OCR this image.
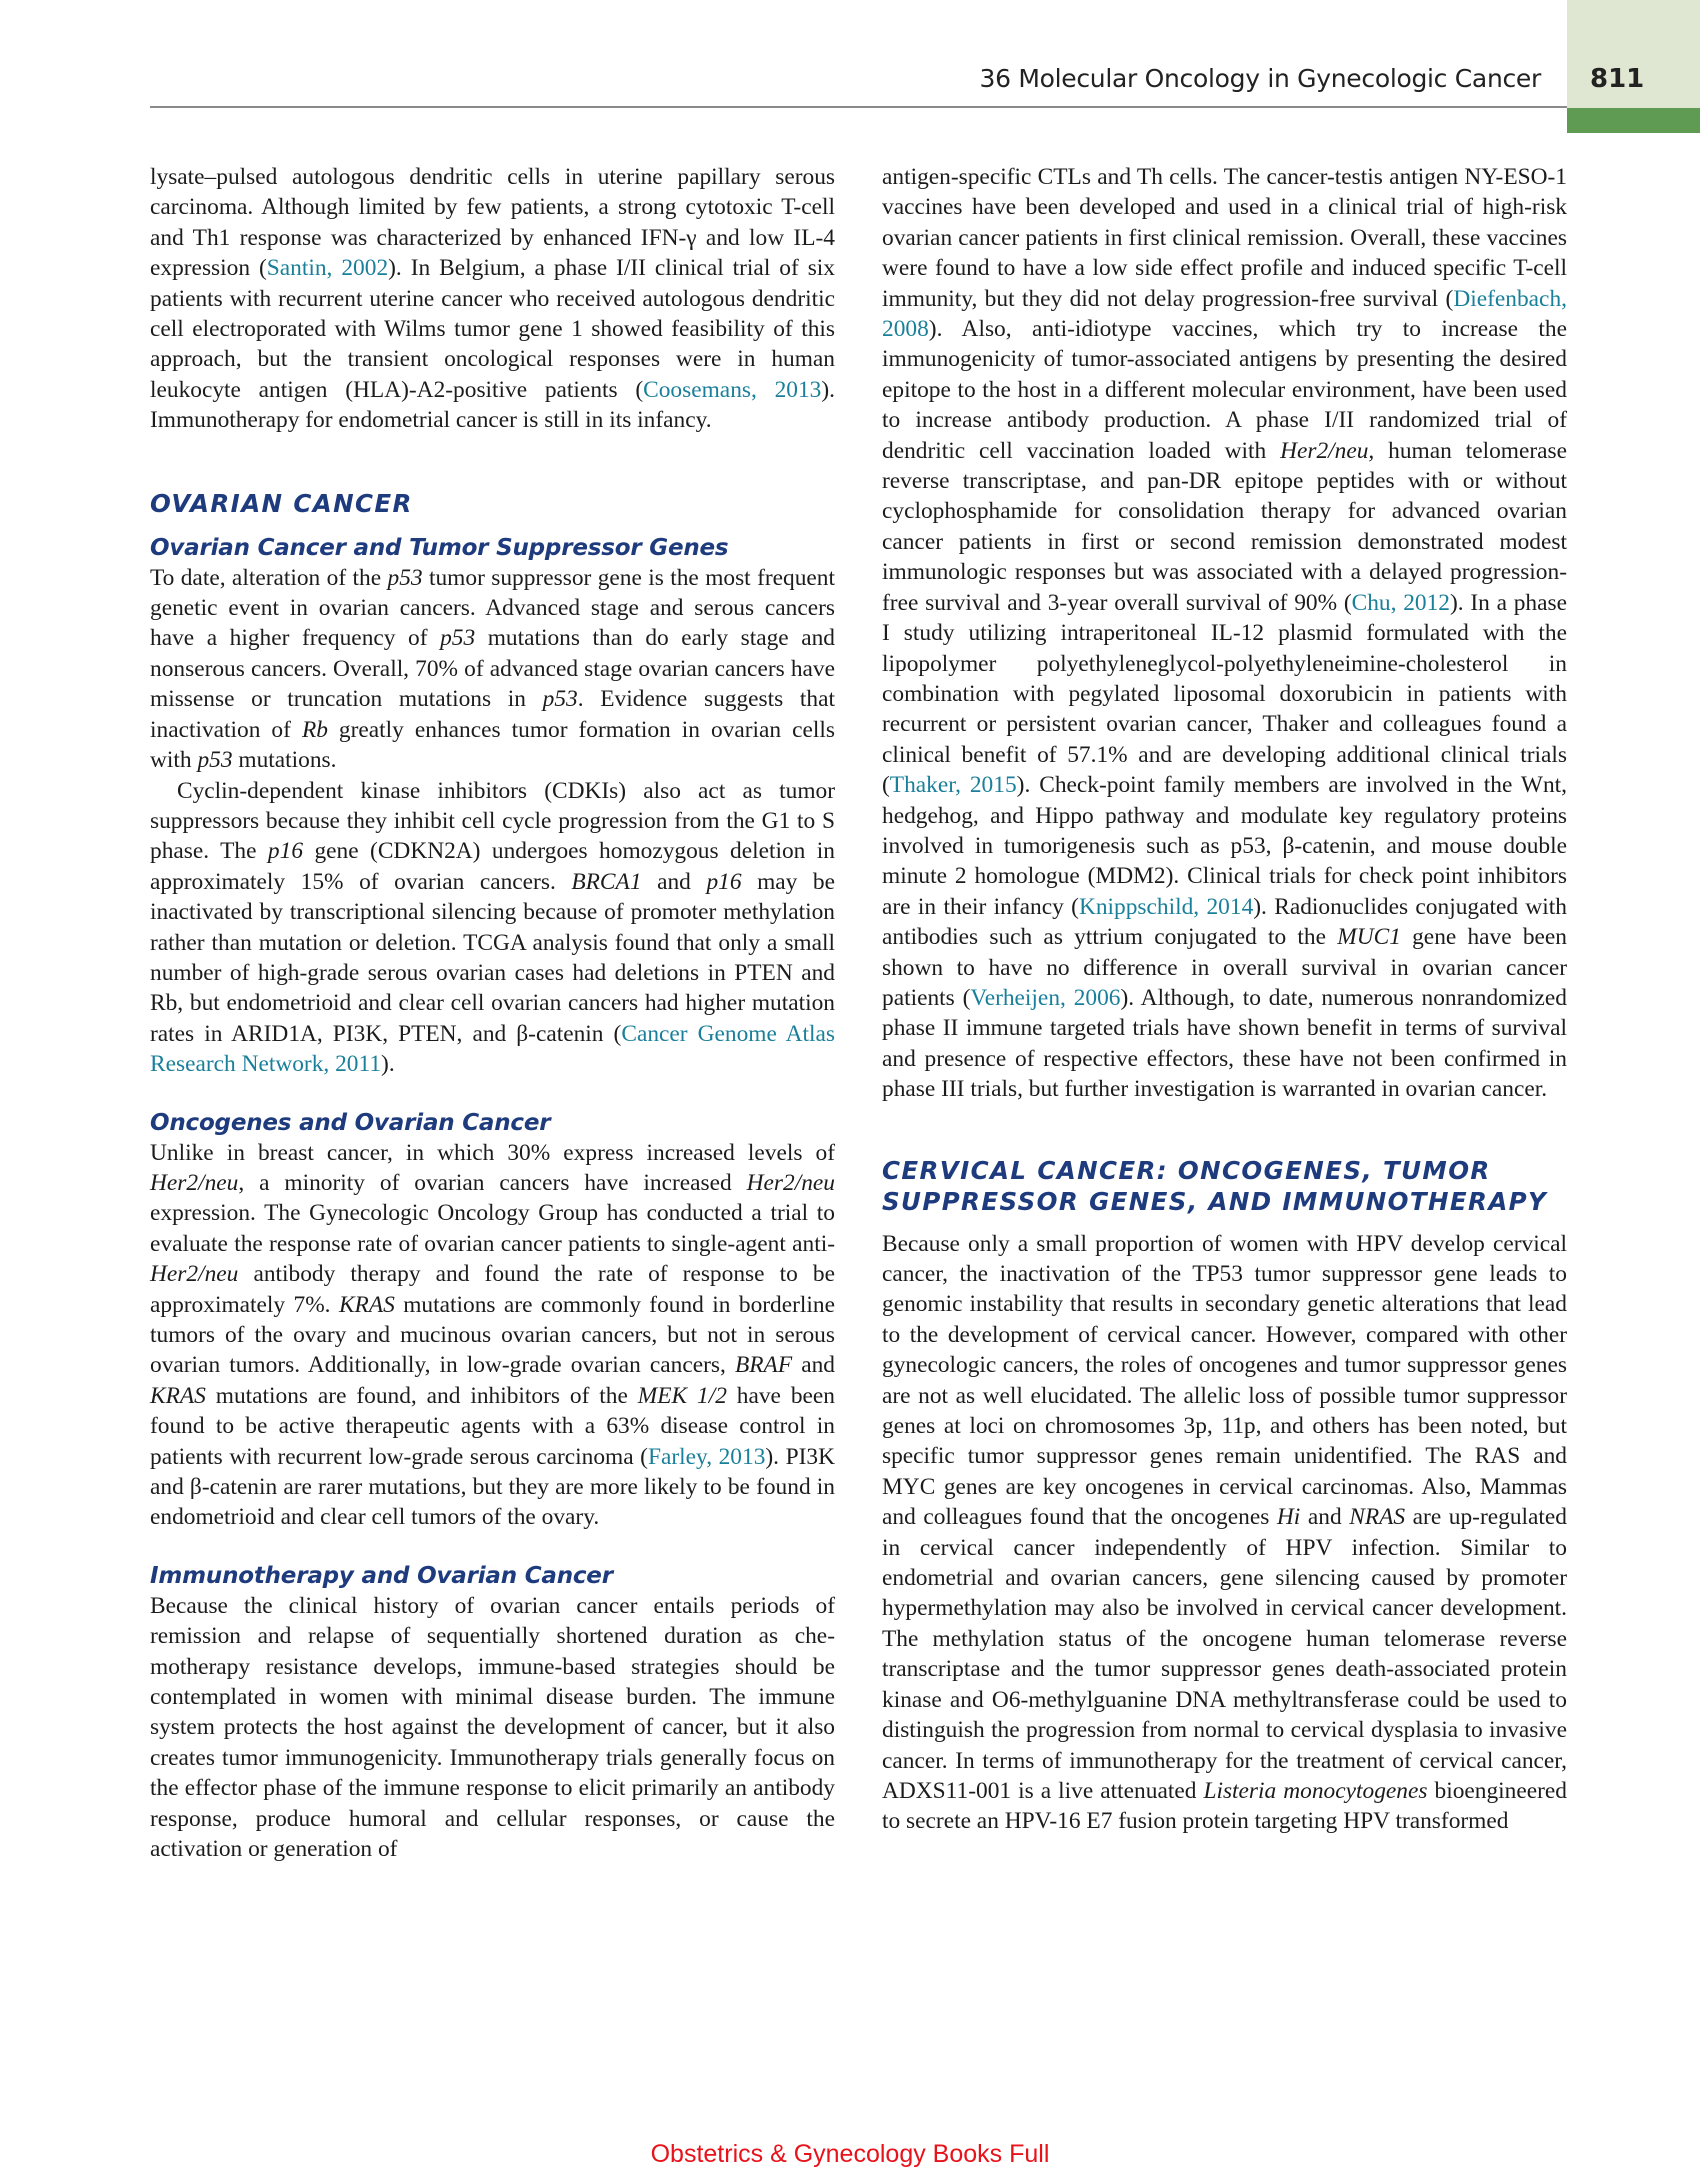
36 Molecular Oncology in Gynecologic Cancer 811

lysate–pulsed autologous dendritic cells in uterine papillary serous carcinoma. Although limited by few patients, a strong cytotoxic T-cell and Th1 response was characterized by enhanced IFN-γ and low IL-4 expression (Santin, 2002). In Belgium, a phase I/II clinical trial of six patients with recurrent uterine cancer who received autologous dendritic cell electroporated with Wilms tumor gene 1 showed feasibility of this approach, but the transient oncological responses were in human leukocyte antigen (HLA)-A2-positive patients (Coosemans, 2013). Immunotherapy for endometrial cancer is still in its infancy.

OVARIAN CANCER
Ovarian Cancer and Tumor Suppressor Genes

To date, alteration of the p53 tumor suppressor gene is the most frequent genetic event in ovarian cancers. Advanced stage and serous cancers have a higher frequency of p53 mutations than do early stage and nonserous cancers. Overall, 70% of advanced stage ovarian cancers have missense or truncation mutations in p53. Evidence suggests that inactivation of Rb greatly enhances tumor formation in ovarian cells with p53 mutations.

Cyclin-dependent kinase inhibitors (CDKIs) also act as tumor suppressors because they inhibit cell cycle progression from the G1 to S phase. The p16 gene (CDKN2A) undergoes homozygous deletion in approximately 15% of ovarian cancers. BRCA1 and p16 may be inactivated by transcriptional silencing because of promoter methylation rather than mutation or deletion. TCGA analysis found that only a small number of high-grade serous ovarian cases had deletions in PTEN and Rb, but endometrioid and clear cell ovarian cancers had higher mutation rates in ARID1A, PI3K, PTEN, and β-catenin (Cancer Genome Atlas Research Network, 2011).

Oncogenes and Ovarian Cancer

Unlike in breast cancer, in which 30% express increased levels of Her2/neu, a minority of ovarian cancers have increased Her2/neu expression. The Gynecologic Oncology Group has conducted a trial to evaluate the response rate of ovarian cancer patients to single-agent anti-Her2/neu antibody therapy and found the rate of response to be approximately 7%. KRAS mutations are commonly found in borderline tumors of the ovary and mucinous ovarian cancers, but not in serous ovarian tumors. Additionally, in low-grade ovarian cancers, BRAF and KRAS mutations are found, and inhibitors of the MEK 1/2 have been found to be active therapeutic agents with a 63% disease control in patients with recurrent low-grade serous carcinoma (Farley, 2013). PI3K and β-catenin are rarer mutations, but they are more likely to be found in endometrioid and clear cell tumors of the ovary.

Immunotherapy and Ovarian Cancer

Because the clinical history of ovarian cancer entails periods of remission and relapse of sequentially shortened duration as chemotherapy resistance develops, immune-based strategies should be contemplated in women with minimal disease burden. The immune system protects the host against the development of cancer, but it also creates tumor immunogenicity. Immunotherapy trials generally focus on the effector phase of the immune response to elicit primarily an antibody response, produce humoral and cellular responses, or cause the activation or generation of

antigen-specific CTLs and Th cells. The cancer-testis antigen NY-ESO-1 vaccines have been developed and used in a clinical trial of high-risk ovarian cancer patients in first clinical remission. Overall, these vaccines were found to have a low side effect profile and induced specific T-cell immunity, but they did not delay progression-free survival (Diefenbach, 2008). Also, anti-idiotype vaccines, which try to increase the immunogenicity of tumor-associated antigens by presenting the desired epitope to the host in a different molecular environment, have been used to increase antibody production. A phase I/II randomized trial of dendritic cell vaccination loaded with Her2/neu, human telomerase reverse transcriptase, and pan-DR epitope peptides with or without cyclophosphamide for consolidation therapy for advanced ovarian cancer patients in first or second remission demonstrated modest immunologic responses but was associated with a delayed progression-free survival and 3-year overall survival of 90% (Chu, 2012). In a phase I study utilizing intraperitoneal IL-12 plasmid formulated with the lipopolymer polyethyleneglycol-polyethyleneimine-cholesterol in combination with pegylated liposomal doxorubicin in patients with recurrent or persistent ovarian cancer, Thaker and colleagues found a clinical benefit of 57.1% and are developing additional clinical trials (Thaker, 2015). Check-point family members are involved in the Wnt, hedgehog, and Hippo pathway and modulate key regulatory proteins involved in tumorigenesis such as p53, β-catenin, and mouse double minute 2 homologue (MDM2). Clinical trials for check point inhibitors are in their infancy (Knippschild, 2014). Radionuclides conjugated with antibodies such as yttrium conjugated to the MUC1 gene have been shown to have no difference in overall survival in ovarian cancer patients (Verheijen, 2006). Although, to date, numerous nonrandomized phase II immune targeted trials have shown benefit in terms of survival and presence of respective effectors, these have not been confirmed in phase III trials, but further investigation is warranted in ovarian cancer.

CERVICAL CANCER: ONCOGENES, TUMOR
SUPPRESSOR GENES, AND IMMUNOTHERAPY

Because only a small proportion of women with HPV develop cervical cancer, the inactivation of the TP53 tumor suppressor gene leads to genomic instability that results in secondary genetic alterations that lead to the development of cervical cancer. However, compared with other gynecologic cancers, the roles of oncogenes and tumor suppressor genes are not as well elucidated. The allelic loss of possible tumor suppressor genes at loci on chromosomes 3p, 11p, and others has been noted, but specific tumor suppressor genes remain unidentified. The RAS and MYC genes are key oncogenes in cervical carcinomas. Also, Mammas and colleagues found that the oncogenes Hi and NRAS are up-regulated in cervical cancer independently of HPV infection. Similar to endometrial and ovarian cancers, gene silencing caused by promoter hypermethylation may also be involved in cervical cancer development. The methylation status of the oncogene human telomerase reverse transcriptase and the tumor suppressor genes death-associated protein kinase and O6-methylguanine DNA methyltransferase could be used to distinguish the progression from normal to cervical dysplasia to invasive cancer. In terms of immunotherapy for the treatment of cervical cancer, ADXS11-001 is a live attenuated Listeria monocytogenes bioengineered to secrete an HPV-16 E7 fusion protein targeting HPV transformed

Obstetrics & Gynecology Books Full
